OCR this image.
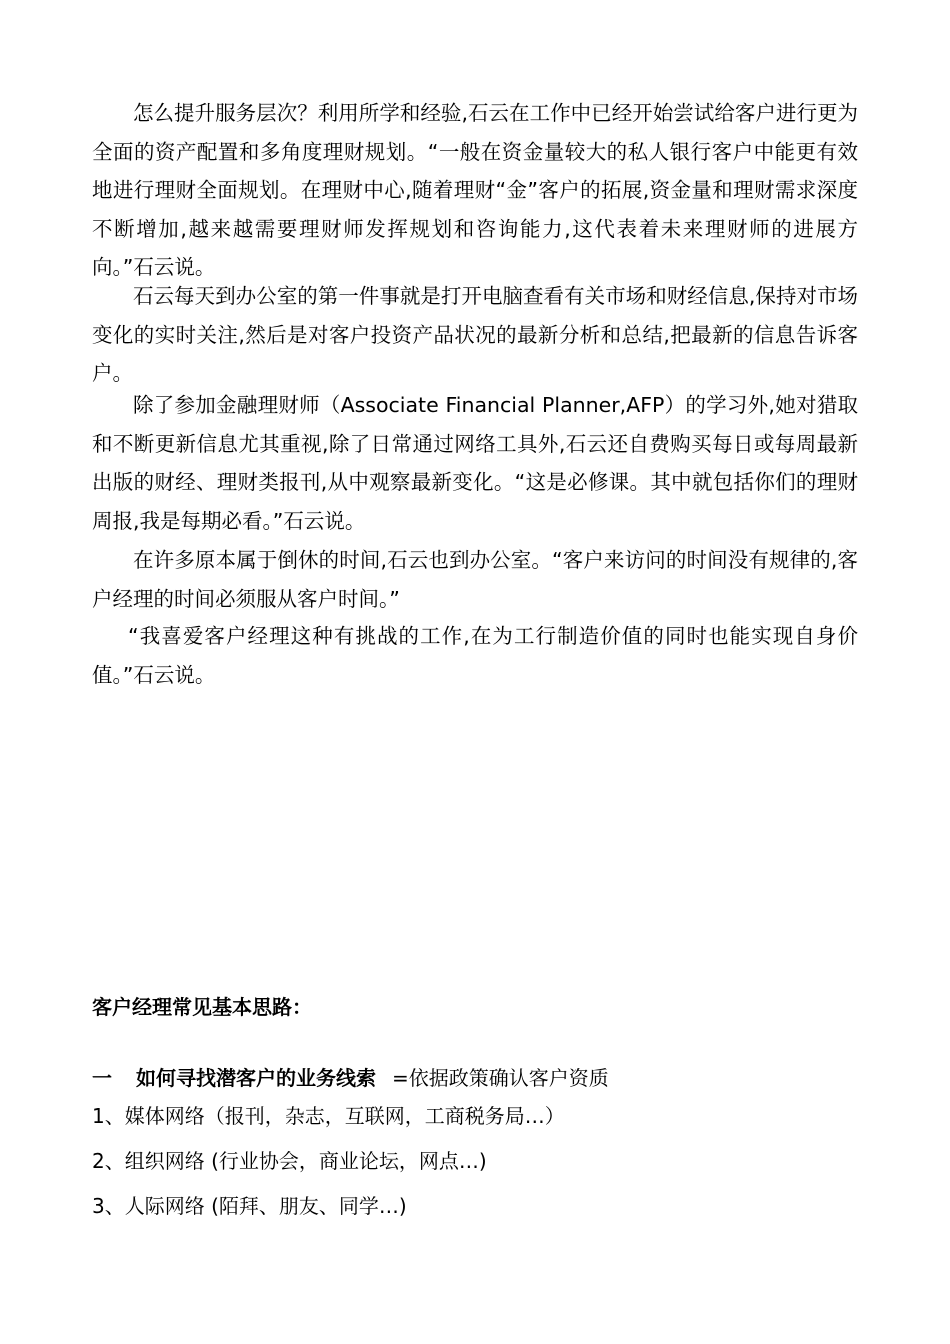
怎么提升服务层次？利用所学和经验,石云在工作中已经开始尝试给客户进行更为全面的资产配置和多角度理财规划。“一般在资金量较大的私人银行客户中能更有效地进行理财全面规划。在理财中心,随着理财“金”客户的拓展,资金量和理财需求深度不断增加,越来越需要理财师发挥规划和咨询能力,这代表着未来理财师的进展方向。”石云说。

石云每天到办公室的第一件事就是打开电脑查看有关市场和财经信息,保持对市场变化的实时关注,然后是对客户投资产品状况的最新分析和总结,把最新的信息告诉客户。

除了参加金融理财师（Associate Financial Planner,AFP）的学习外,她对猎取和不断更新信息尤其重视,除了日常通过网络工具外,石云还自费购买每日或每周最新出版的财经、理财类报刊,从中观察最新变化。“这是必修课。其中就包括你们的理财周报,我是每期必看。”石云说。

在许多原本属于倒休的时间,石云也到办公室。“客户来访问的时间没有规律的,客户经理的时间必须服从客户时间。”

“我喜爱客户经理这种有挑战的工作,在为工行制造价值的同时也能实现自身价值。”石云说。

客户经理常见基本思路：

一 如何寻找潜客户的业务线索 =依据政策确认客户资质

1、媒体网络（报刊，杂志，互联网，工商税务局…）

2、组织网络 (行业协会，商业论坛，网点…)

3、人际网络 (陌拜、朋友、同学…)
